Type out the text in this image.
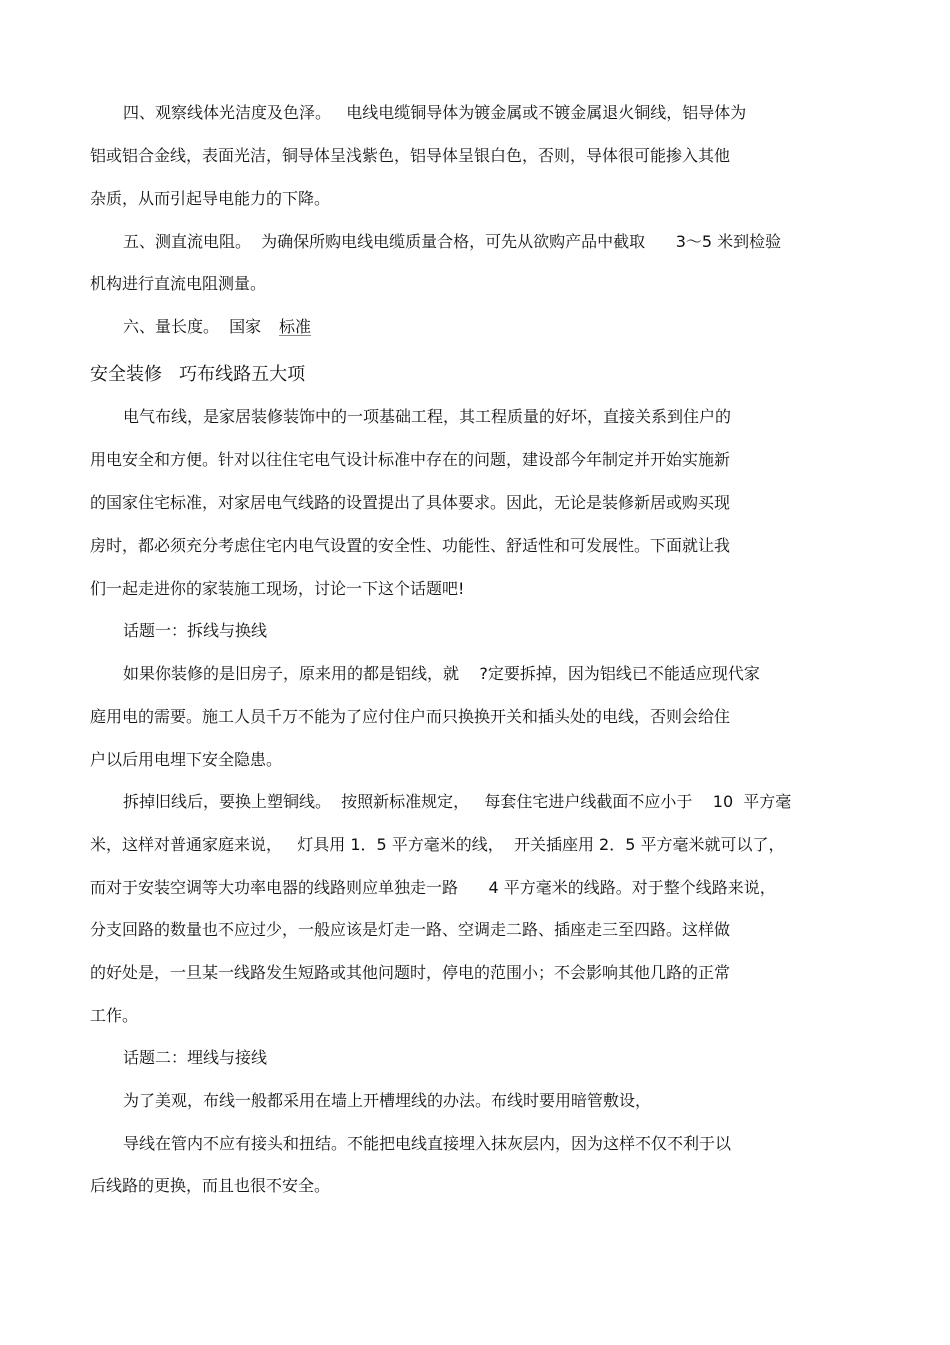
四、观察线体光洁度及色泽。   电线电缆铜导体为镀金属或不镀金属退火铜线，铝导体为
铝或铝合金线，表面光洁，铜导体呈浅紫色，铝导体呈银白色，否则，导体很可能掺入其他
杂质，从而引起导电能力的下降。
五、测直流电阻。  为确保所购电线电缆质量合格，可先从欲购产品中截取      3～5 米到检验
机构进行直流电阻测量。
六、量长度。  国家 标准
安全装修   巧布线路五大项
电气布线，是家居装修装饰中的一项基础工程，其工程质量的好坏，直接关系到住户的
用电安全和方便。针对以往住宅电气设计标准中存在的问题，建设部今年制定并开始实施新
的国家住宅标准，对家居电气线路的设置提出了具体要求。因此，无论是装修新居或购买现
房时，都必须充分考虑住宅内电气设置的安全性、功能性、舒适性和可发展性。下面就让我
们一起走进你的家装施工现场，讨论一下这个话题吧!
话题一：拆线与换线
如果你装修的是旧房子，原来用的都是铝线，就    ?定要拆掉，因为铝线已不能适应现代家
庭用电的需要。施工人员千万不能为了应付住户而只换换开关和插头处的电线，否则会给住
户以后用电埋下安全隐患。
拆掉旧线后，要换上塑铜线。  按照新标准规定，   每套住宅进户线截面不应小于    10  平方毫
米，这样对普通家庭来说，   灯具用 1．5 平方毫米的线，  开关插座用 2．5 平方毫米就可以了，
而对于安装空调等大功率电器的线路则应单独走一路      4 平方毫米的线路。对于整个线路来说，
分支回路的数量也不应过少，一般应该是灯走一路、空调走二路、插座走三至四路。这样做
的好处是，一旦某一线路发生短路或其他问题时，停电的范围小；不会影响其他几路的正常
工作。
话题二：埋线与接线
为了美观，布线一般都采用在墙上开槽埋线的办法。布线时要用暗管敷设，
导线在管内不应有接头和扭结。不能把电线直接埋入抹灰层内，因为这样不仅不利于以
后线路的更换，而且也很不安全。
